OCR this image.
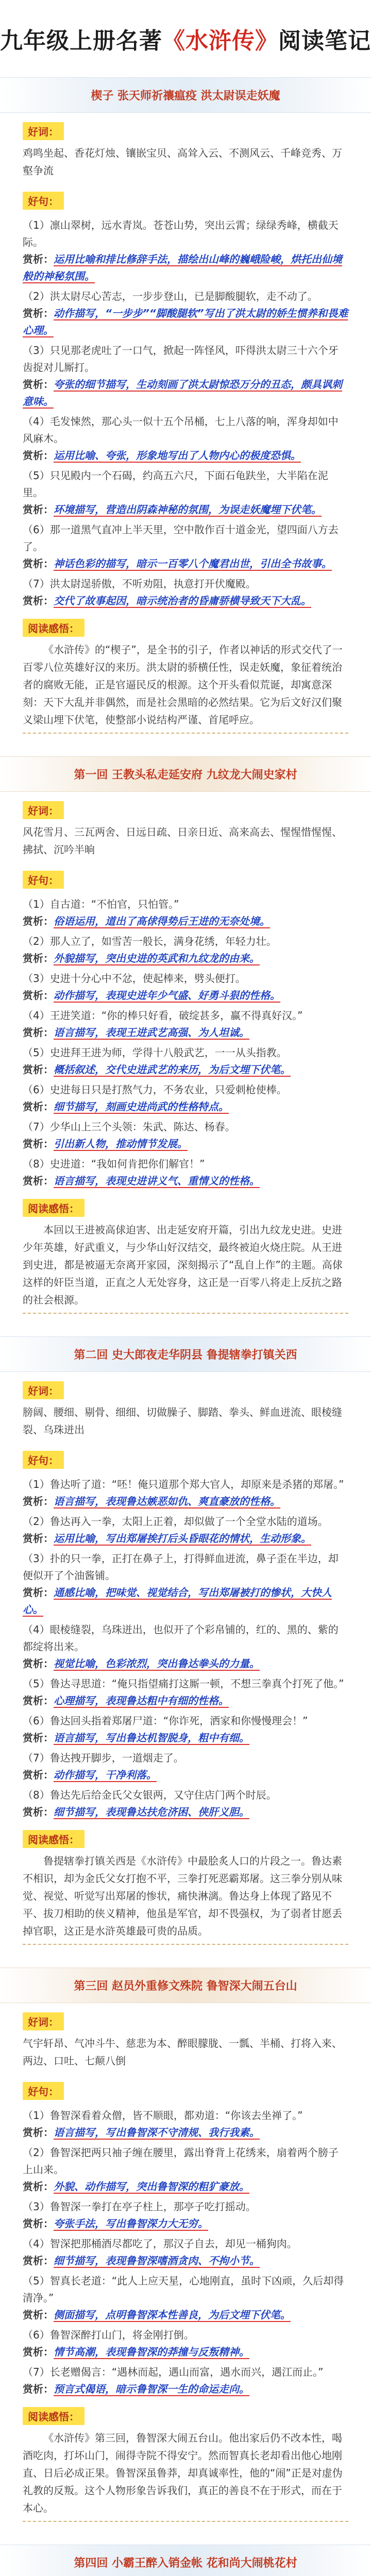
九年级上册名著 《水浒传》 阅读笔记
楔子 张天师祈禳瘟疫 洪太尉误走妖魔
好词：
鸡鸣坐起、香花灯烛、镶嵌宝贝、高耸入云、不测风云、千峰竞秀、万壑争流
好句：
（1）凛山翠树，远水青岚。苍苍山势，突出云霄；绿绿秀峰，横截天际。
赏析：运用比喻和排比修辞手法，描绘出山峰的巍峨险峻，烘托出仙境般的神秘氛围。
（2）洪太尉尽心苦志，一步步登山，已是脚酸腿软，走不动了。
赏析：动作描写，“一步步”“脚酸腿软”写出了洪太尉的娇生惯养和畏难心理。
（3）只见那老虎吐了一口气，掀起一阵怪风，吓得洪太尉三十六个牙齿捉对儿厮打。
赏析：夸张的细节描写，生动刻画了洪太尉惊恐万分的丑态，颇具讽刺意味。
（4）毛发悚然，那心头一似十五个吊桶，七上八落的响，浑身却如中风麻木。
赏析：运用比喻、夸张，形象地写出了人物内心的极度恐惧。
（5）只见殿内一个石碣，约高五六尺，下面石龟趺坐，大半陷在泥里。
赏析：环境描写，营造出阴森神秘的氛围，为误走妖魔埋下伏笔。
（6）那一道黑气直冲上半天里，空中散作百十道金光，望四面八方去了。
赏析：神话色彩的描写，暗示一百零八个魔君出世，引出全书故事。
（7）洪太尉逞骄傲，不听劝阻，执意打开伏魔殿。
赏析：交代了故事起因，暗示统治者的昏庸骄横导致天下大乱。
阅读感悟：
《水浒传》的“楔子”，是全书的引子，作者以神话的形式交代了一百零八位英雄好汉的来历。洪太尉的骄横任性，误走妖魔，象征着统治者的腐败无能，正是官逼民反的根源。这个开头看似荒诞，却寓意深刻：天下大乱并非偶然，而是社会黑暗的必然结果。它为后文好汉们聚义梁山埋下伏笔，使整部小说结构严谨、首尾呼应。
第一回 王教头私走延安府 九纹龙大闹史家村
好词：
风花雪月、三瓦两舍、日远日疏、日亲日近、高来高去、惺惺惜惺惺、拂拭、沉吟半晌
好句：
（1）自古道：“不怕官，只怕管。”
赏析：俗语运用，道出了高俅得势后王进的无奈处境。
（2）那人立了，如雪苦一般长，满身花绣，年轻力壮。
赏析：外貌描写，突出史进的英武和九纹龙的由来。
（3）史进十分心中不忿，使起棒来，劈头便打。
赏析：动作描写，表现史进年少气盛、好勇斗狠的性格。
（4）王进笑道：“你的棒只好看，破绽甚多，赢不得真好汉。”
赏析：语言描写，表现王进武艺高强、为人坦诚。
（5）史进拜王进为师，学得十八般武艺，一一从头指教。
赏析：概括叙述，交代史进武艺的来历，为后文埋下伏笔。
（6）史进每日只是打熬气力，不务农业，只爱刺枪使棒。
赏析：细节描写，刻画史进尚武的性格特点。
（7）少华山上三个头领：朱武、陈达、杨春。
赏析：引出新人物，推动情节发展。
（8）史进道：“我如何肯把你们解官！”
赏析：语言描写，表现史进讲义气、重情义的性格。
阅读感悟：
本回以王进被高俅迫害、出走延安府开篇，引出九纹龙史进。史进少年英雄，好武重义，与少华山好汉结交，最终被迫火烧庄院。从王进到史进，都是被逼无奈离开家园，深刻揭示了“乱自上作”的主题。高俅这样的奸臣当道，正直之人无处容身，这正是一百零八将走上反抗之路的社会根源。
第二回 史大郎夜走华阴县 鲁提辖拳打镇关西
好词：
膀阔、腰细、剔骨、细细、切做臊子、脚踏、拳头、鲜血迸流、眼棱缝裂、乌珠迸出
好句：
（1）鲁达听了道：“呸！俺只道那个郑大官人，却原来是杀猪的郑屠。”
赏析：语言描写，表现鲁达嫉恶如仇、爽直豪放的性格。
（2）鲁达再入一拳，太阳上正着，却似做了一个全堂水陆的道场。
赏析：运用比喻，写出郑屠挨打后头昏眼花的情状，生动形象。
（3）扑的只一拳，正打在鼻子上，打得鲜血迸流，鼻子歪在半边，却便似开了个油酱铺。
赏析：通感比喻，把味觉、视觉结合，写出郑屠被打的惨状，大快人心。
（4）眼棱缝裂，乌珠迸出，也似开了个彩帛铺的，红的、黑的、紫的都绽将出来。
赏析：视觉比喻，色彩浓烈，突出鲁达拳头的力量。
（5）鲁达寻思道：“俺只指望痛打这厮一顿，不想三拳真个打死了他。”
赏析：心理描写，表现鲁达粗中有细的性格。
（6）鲁达回头指着郑屠尸道：“你诈死，洒家和你慢慢理会！”
赏析：语言描写，写出鲁达机智脱身，粗中有细。
（7）鲁达拽开脚步，一道烟走了。
赏析：动作描写，干净利落。
（8）鲁达先后给金氏父女银两，又守住店门两个时辰。
赏析：细节描写，表现鲁达扶危济困、侠肝义胆。
阅读感悟：
鲁提辖拳打镇关西是《水浒传》中最脍炙人口的片段之一。鲁达素不相识，却为金氏父女打抱不平，三拳打死恶霸郑屠。这三拳分别从味觉、视觉、听觉写出郑屠的惨状，痛快淋漓。鲁达身上体现了路见不平、拔刀相助的侠义精神，他虽是军官，却不畏强权，为了弱者甘愿丢掉官职，这正是水浒英雄最可贵的品质。
第三回 赵员外重修文殊院 鲁智深大闹五台山
好词：
气宇轩昂、气冲斗牛、慈悲为本、醉眼朦胧、一瓢、半桶、打将入来、两边、口吐、七颠八倒
好句：
（1）鲁智深看着众僧，皆不顺眼，都劝道：“你该去坐禅了。”
赏析：语言描写，写出鲁智深不守清规、我行我素。
（2）鲁智深把两只袖子缠在腰里，露出脊背上花绣来，扇着两个膀子上山来。
赏析：外貌、动作描写，突出鲁智深的粗犷豪放。
（3）鲁智深一拳打在亭子柱上，那亭子吃打摇动。
赏析：夸张手法，写出鲁智深力大无穷。
（4）智深把那桶酒尽都吃了，那汉子自去，却见一桶狗肉。
赏析：细节描写，表现鲁智深嗜酒贪肉、不拘小节。
（5）智真长老道：“此人上应天星，心地刚直，虽时下凶顽，久后却得清净。”
赏析：侧面描写，点明鲁智深本性善良，为后文埋下伏笔。
（6）鲁智深醉打山门，将金刚打倒。
赏析：情节高潮，表现鲁智深的莽撞与反叛精神。
（7）长老赠偈言：“遇林而起，遇山而富，遇水而兴，遇江而止。”
赏析：预言式偈语，暗示鲁智深一生的命运走向。
阅读感悟：
《水浒传》第三回，鲁智深大闹五台山。他出家后仍不改本性，喝酒吃肉，打坏山门，闹得寺院不得安宁。然而智真长老却看出他心地刚直、日后必成正果。鲁智深虽鲁莽，却真诚率性，他的“闹”正是对虚伪礼教的反叛。这个人物形象告诉我们，真正的善良不在于形式，而在于本心。
第四回 小霸王醉入销金帐 花和尚大闹桃花村
